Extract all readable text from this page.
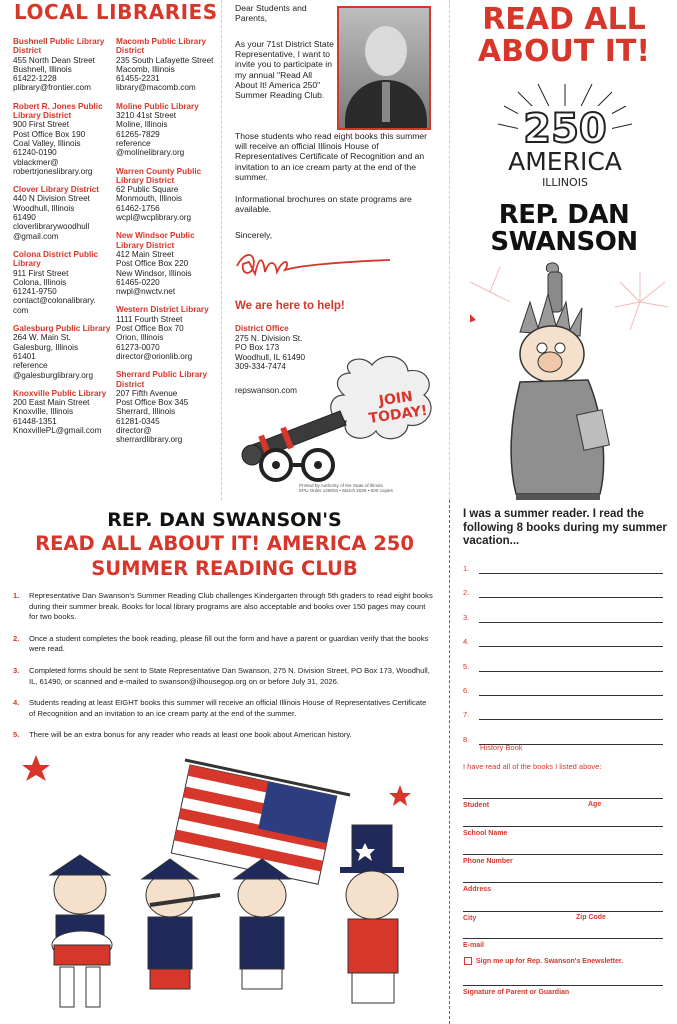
LOCAL LIBRARIES
Bushnell Public Library District
455 North Dean Street
Bushnell, Illinois
61422-1228
plibrary@frontier.com
Robert R. Jones Public Library District
900 First Street
Post Office Box 190
Coal Valley, Illinois
61240-0190
vblackmer@
robertrjoneslibrary.org
Clover Library District
440 N Division Street
Woodhull, Illinois
61490
cloverlibrarywoodhull
@gmail.com
Colona District Public Library
911 First Street
Colona, Illinois
61241-9750
contact@colonalibrary.
com
Galesburg Public Library
264 W. Main St.
Galesburg, Illinois
61401
reference
@galesburglibrary.org
Knoxville Public Library
200 East Main Street
Knoxville, Illinois
61448-1351
KnoxvillePL@gmail.com
Macomb Public Library District
235 South Lafayette Street
Macomb, Illinois
61455-2231
library@macomb.com
Moline Public Library
3210 41st Street
Moline, Illinois
61265-7829
reference
@molinelibrary.org
Warren County Public Library District
62 Public Square
Monmouth, Illinois
61462-1756
wcpl@wcplibrary.org
New Windsor Public Library District
412 Main Street
Post Office Box 220
New Windsor, Illinois
61465-0220
nwpl@nwctv.net
Western District Library
1111 Fourth Street
Post Office Box 70
Orion, Illinois
61273-0070
director@orionlib.org
Sherrard Public Library District
207 Fifth Avenue
Post Office Box 345
Sherrard, Illinois
61281-0345
director@
sherrardlibrary.org
Dear Students and Parents,
As your 71st District State Representative, I want to invite you to participate in my annual "Read All About It! America 250" Summer Reading Club.
Those students who read eight books this summer will receive an official Illinois House of Representatives Certificate of Recognition and an invitation to an ice cream party at the end of the summer.
Informational brochures on state programs are available.
Sincerely,
We are here to help!
District Office
275 N. Division St.
PO Box 173
Woodhull, IL 61490
309-334-7474
repswanson.com	JOIN TODAY!
Printed by Authority of the State of Illinois
EPU Order 126004 • March 2026 • 600 copies
READ ALL ABOUT IT!
250
AMERICA
ILLINOIS
REP. DAN SWANSON
REP. DAN SWANSON'S
READ ALL ABOUT IT! AMERICA 250
SUMMER READING CLUB
1.	Representative Dan Swanson's Summer Reading Club challenges Kindergarten through 5th graders to read eight books during their summer break. Books for local library programs are also acceptable and books over 150 pages may count for two books.
2.	Once a student completes the book reading, please fill out the form and have a parent or guardian verify that the books were read.
3.	Completed forms should be sent to State Representative Dan Swanson, 275 N. Division Street, PO Box 173, Woodhull, IL, 61490, or scanned and e-mailed to swanson@ilhousegop.org on or before July 31, 2026.
4.	Students reading at least EIGHT books this summer will receive an official Illinois House of Representatives Certificate of Recognition and an invitation to an ice cream party at the end of the summer.
5.	There will be an extra bonus for any reader who reads at least one book about American history.
I was a summer reader. I read the following 8 books during my summer vacation...
1.
2.
3.
4.
5.
6.
7.
8.
History Book
I have read all of the books I listed above:
Student	Age
School Name
Phone Number
Address
City	Zip Code
E-mail
Sign me up for Rep. Swanson's Enewsletter.
Signature of Parent or Guardian
